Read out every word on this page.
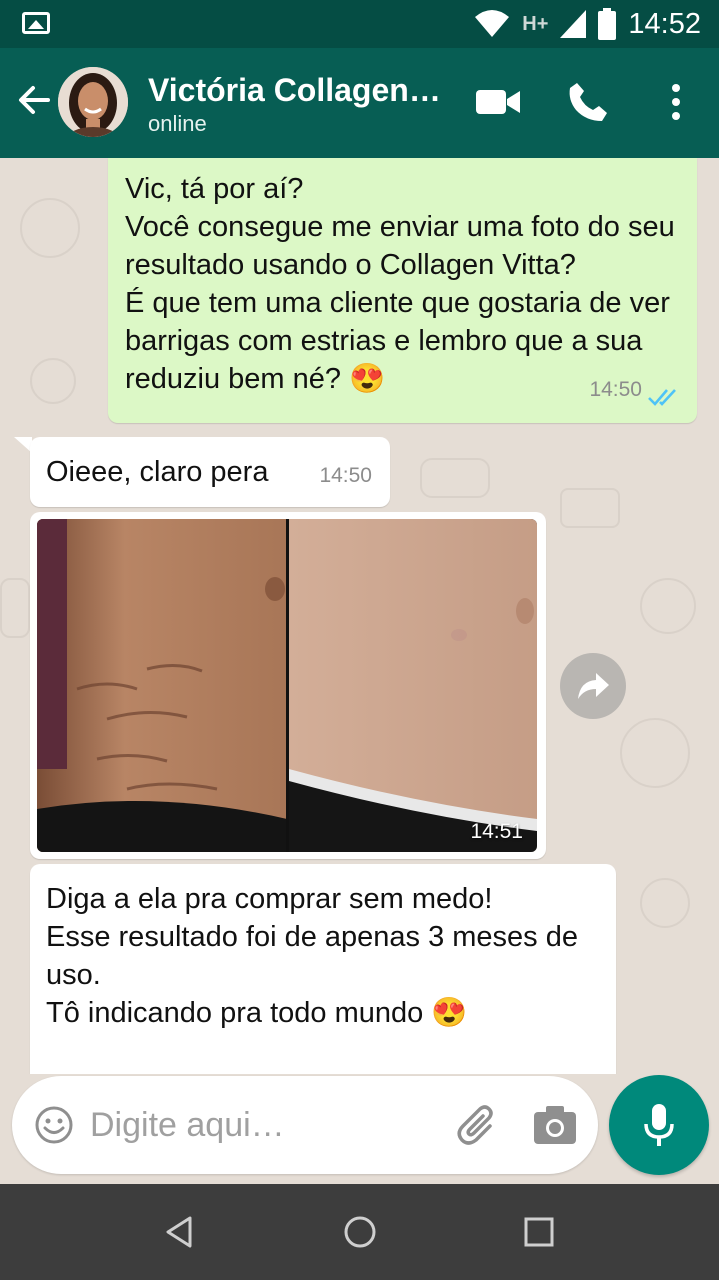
H+	14:52
Victória Collagen…
online
Vic, tá por aí?
Você consegue me enviar uma foto do seu resultado usando o Collagen Vitta?
É que tem uma cliente que gostaria de ver barrigas com estrias e lembro que a sua reduziu bem né? 😍	14:50
Oieee, claro pera	14:50
14:51
Diga a ela pra comprar sem medo!
Esse resultado foi de apenas 3 meses de uso.
Tô indicando pra todo mundo 😍
Digite aqui…
